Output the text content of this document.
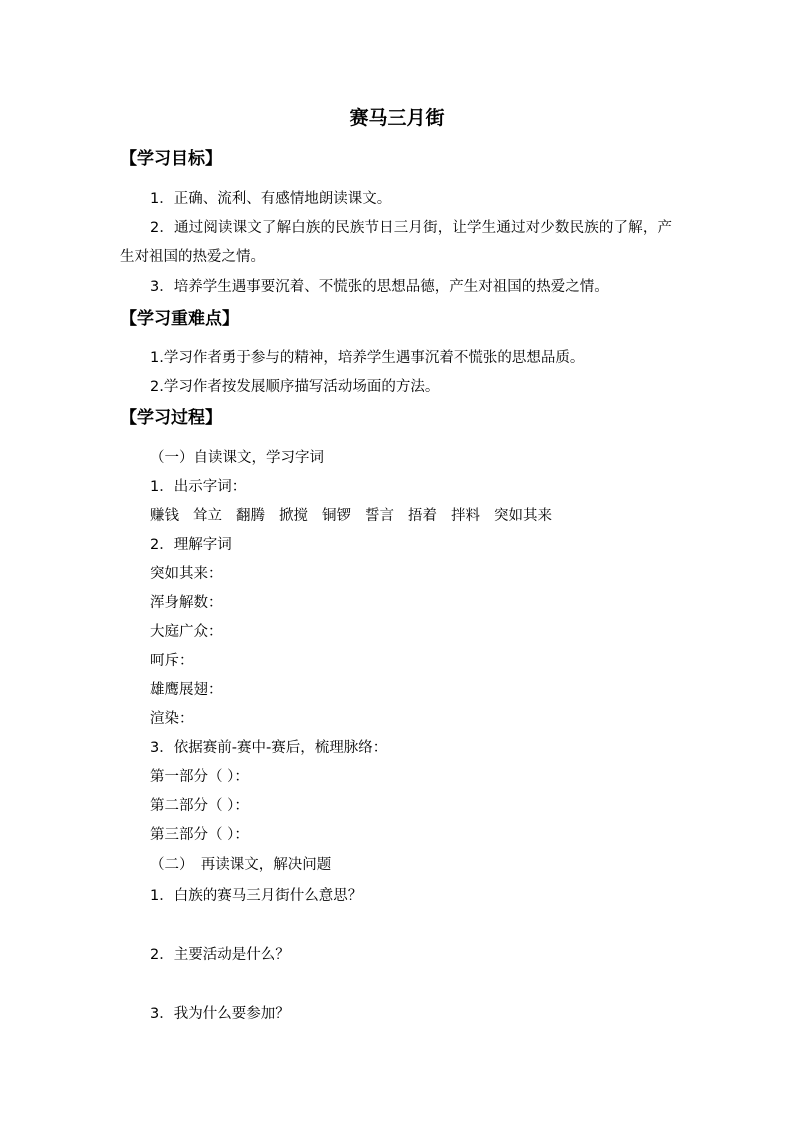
赛马三月街
【学习目标】
1．正确、流利、有感情地朗读课文。
2．通过阅读课文了解白族的民族节日三月街，让学生通过对少数民族的了解，产生对祖国的热爱之情。
3．培养学生遇事要沉着、不慌张的思想品德，产生对祖国的热爱之情。
【学习重难点】
1.学习作者勇于参与的精神，培养学生遇事沉着不慌张的思想品质。
2.学习作者按发展顺序描写活动场面的方法。
【学习过程】
（一）自读课文，学习字词
1．出示字词：
赚钱 耸立 翻腾 掀搅 铜锣 誓言 捂着 拌料 突如其来
2．理解字词
突如其来：
浑身解数：
大庭广众：
呵斥：
雄鹰展翅：
渲染：
3．依据赛前-赛中-赛后，梳理脉络：
第一部分（ ）：
第二部分（ ）：
第三部分（ ）：
（二）　再读课文，解决问题
1．白族的赛马三月街什么意思？
2．主要活动是什么？
3．我为什么要参加？
